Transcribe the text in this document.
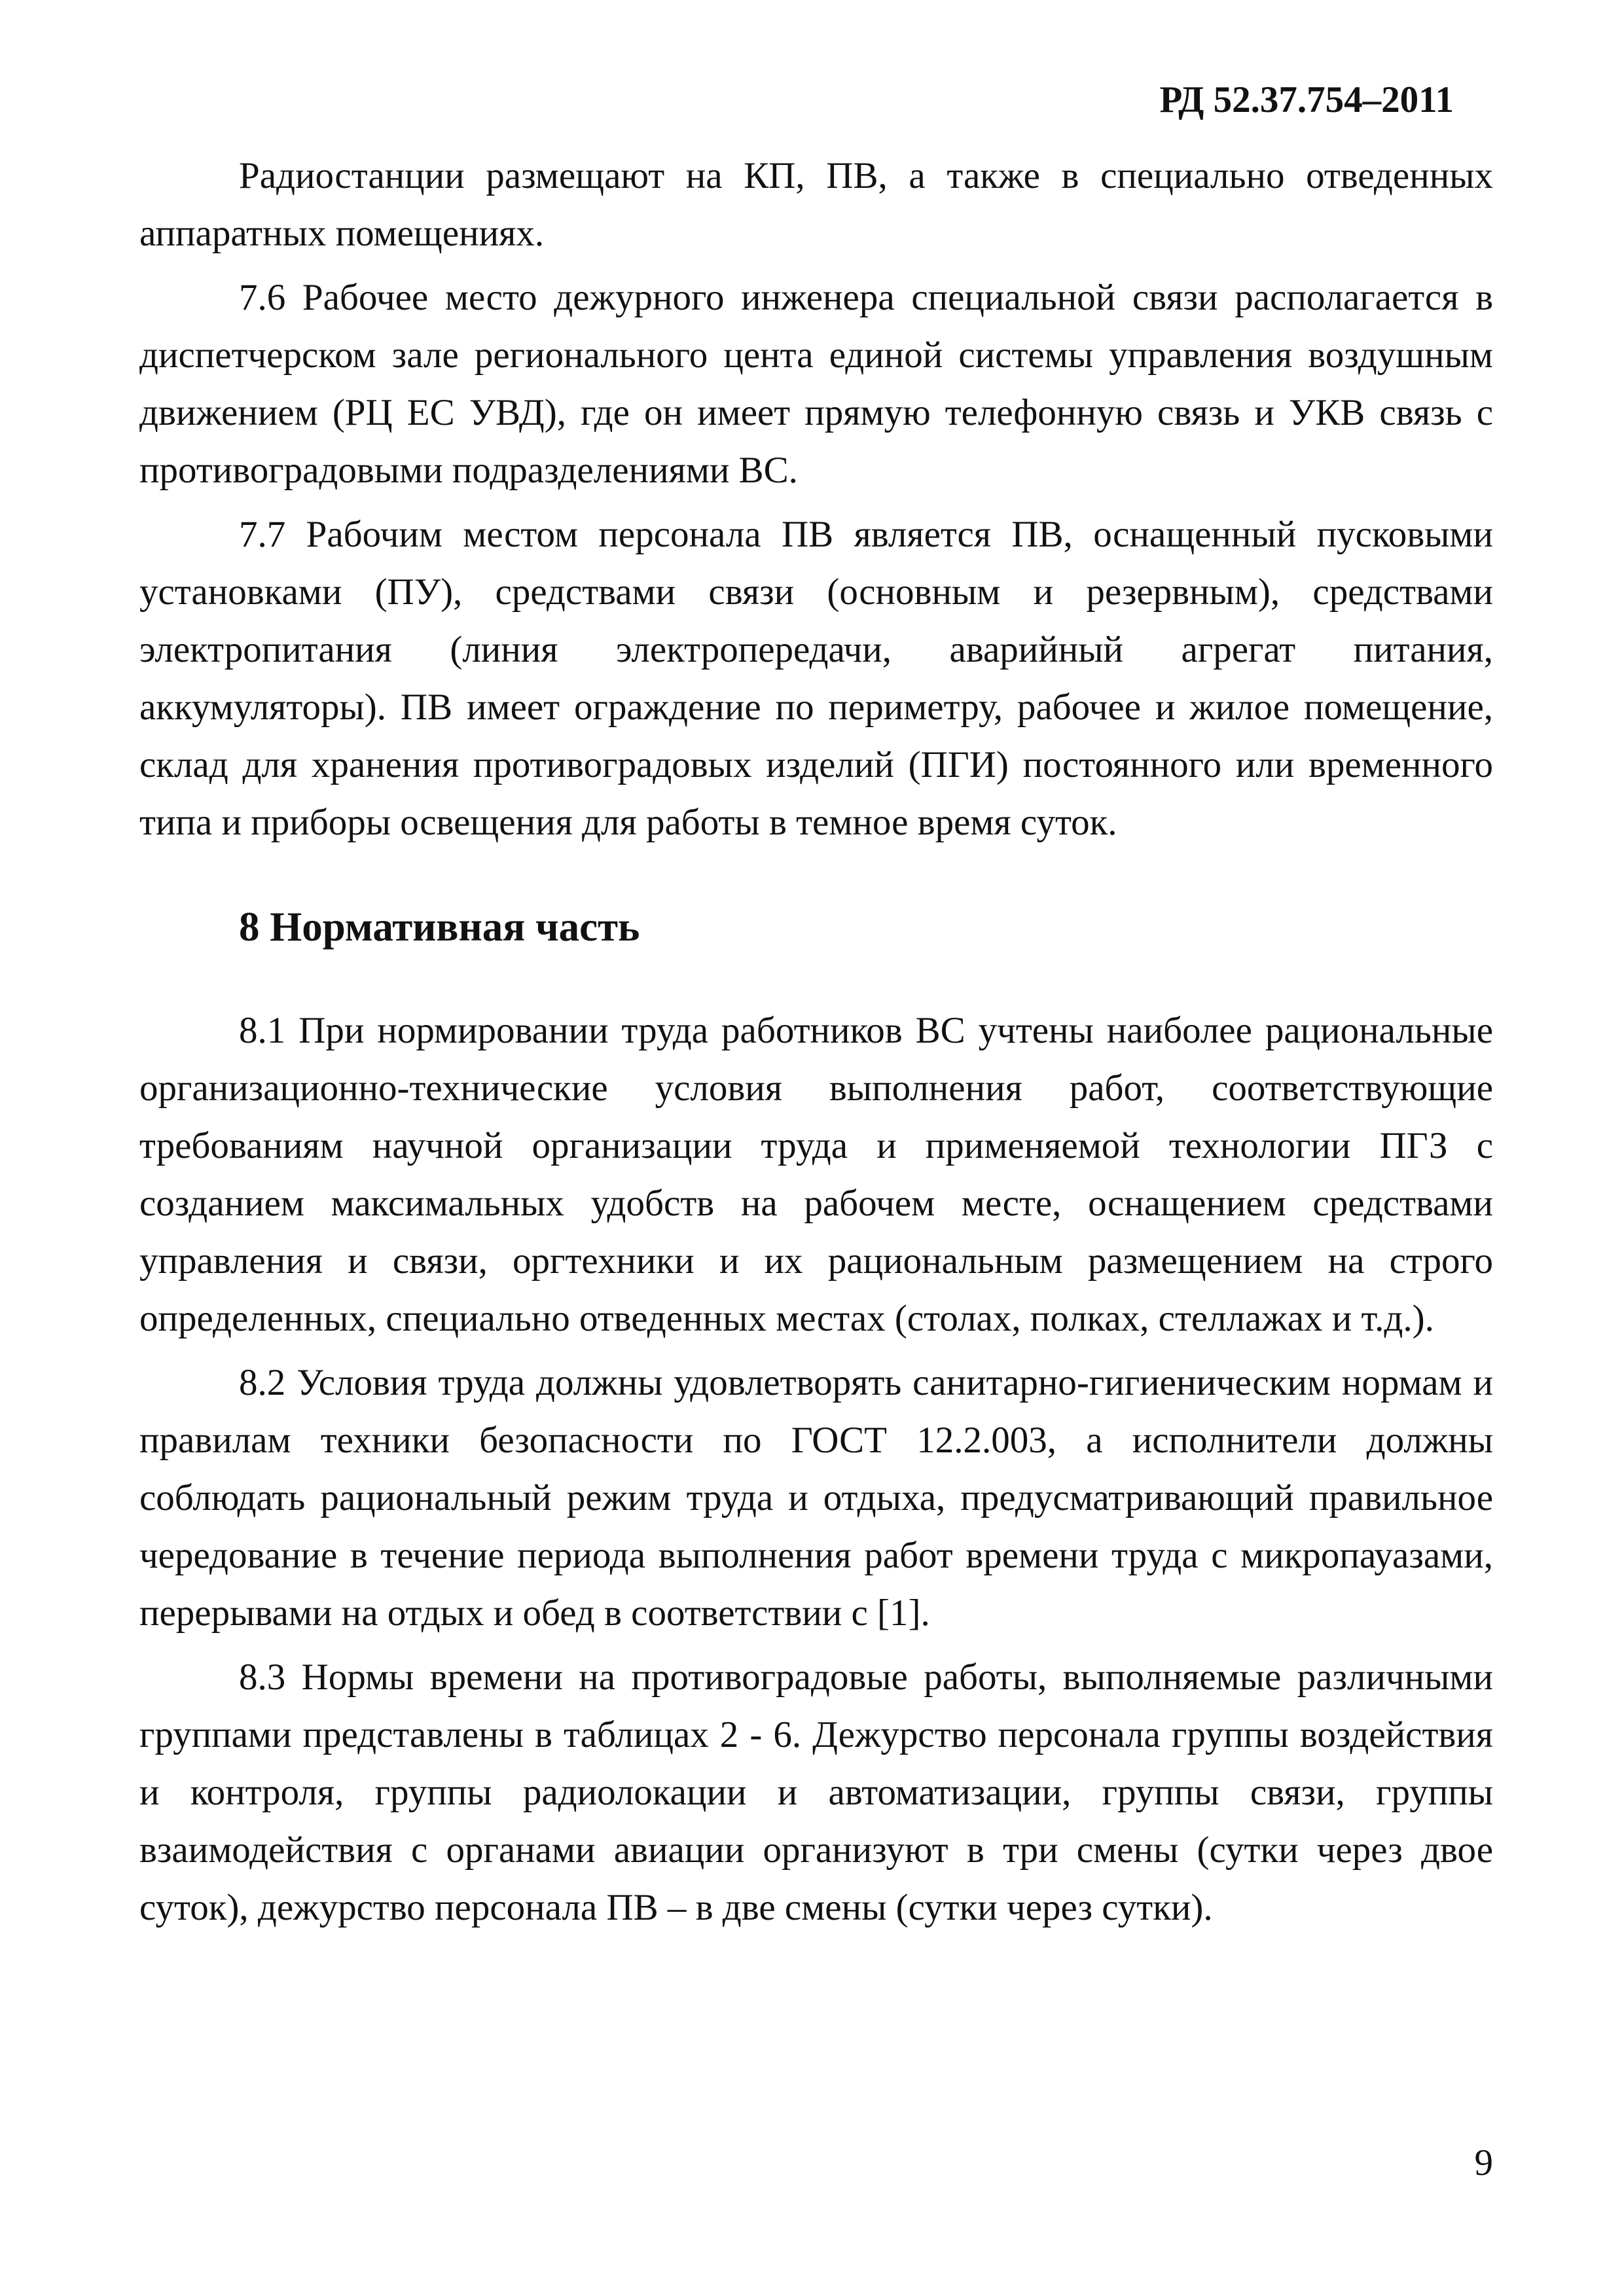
РД 52.37.754–2011

Радиостанции размещают на КП, ПВ, а также в специально отведенных аппаратных помещениях.

7.6 Рабочее место дежурного инженера специальной связи располагается в диспетчерском зале регионального цента единой системы управления воздушным движением (РЦ ЕС УВД), где он имеет прямую телефонную связь и УКВ связь с противоградовыми подразделениями ВС.

7.7 Рабочим местом персонала ПВ является ПВ, оснащенный пусковыми установками (ПУ), средствами связи (основным и резервным), средствами электропитания (линия электропередачи, аварийный агрегат питания, аккумуляторы). ПВ имеет ограждение по периметру, рабочее и жилое помещение, склад для хранения противоградовых изделий (ПГИ) постоянного или временного типа и приборы освещения для работы в темное время суток.

8 Нормативная часть

8.1 При нормировании труда работников ВС учтены наиболее рациональные организационно-технические условия выполнения работ, соответствующие требованиям научной организации труда и применяемой технологии ПГЗ с созданием максимальных удобств на рабочем месте, оснащением средствами управления и связи, оргтехники и их рациональным размещением на строго определенных, специально отведенных местах (столах, полках, стеллажах и т.д.).

8.2 Условия труда должны удовлетворять санитарно-гигиеническим нормам и правилам техники безопасности по ГОСТ 12.2.003, а исполнители должны соблюдать рациональный режим труда и отдыха, предусматривающий правильное чередование в течение периода выполнения работ времени труда с микропауазами, перерывами на отдых и обед в соответствии с [1].

8.3 Нормы времени на противоградовые работы, выполняемые различными группами представлены в таблицах 2 - 6. Дежурство персонала группы воздействия и контроля, группы радиолокации и автоматизации, группы связи, группы взаимодействия с органами авиации организуют в три смены (сутки через двое суток), дежурство персонала ПВ – в две смены (сутки через сутки).

9
